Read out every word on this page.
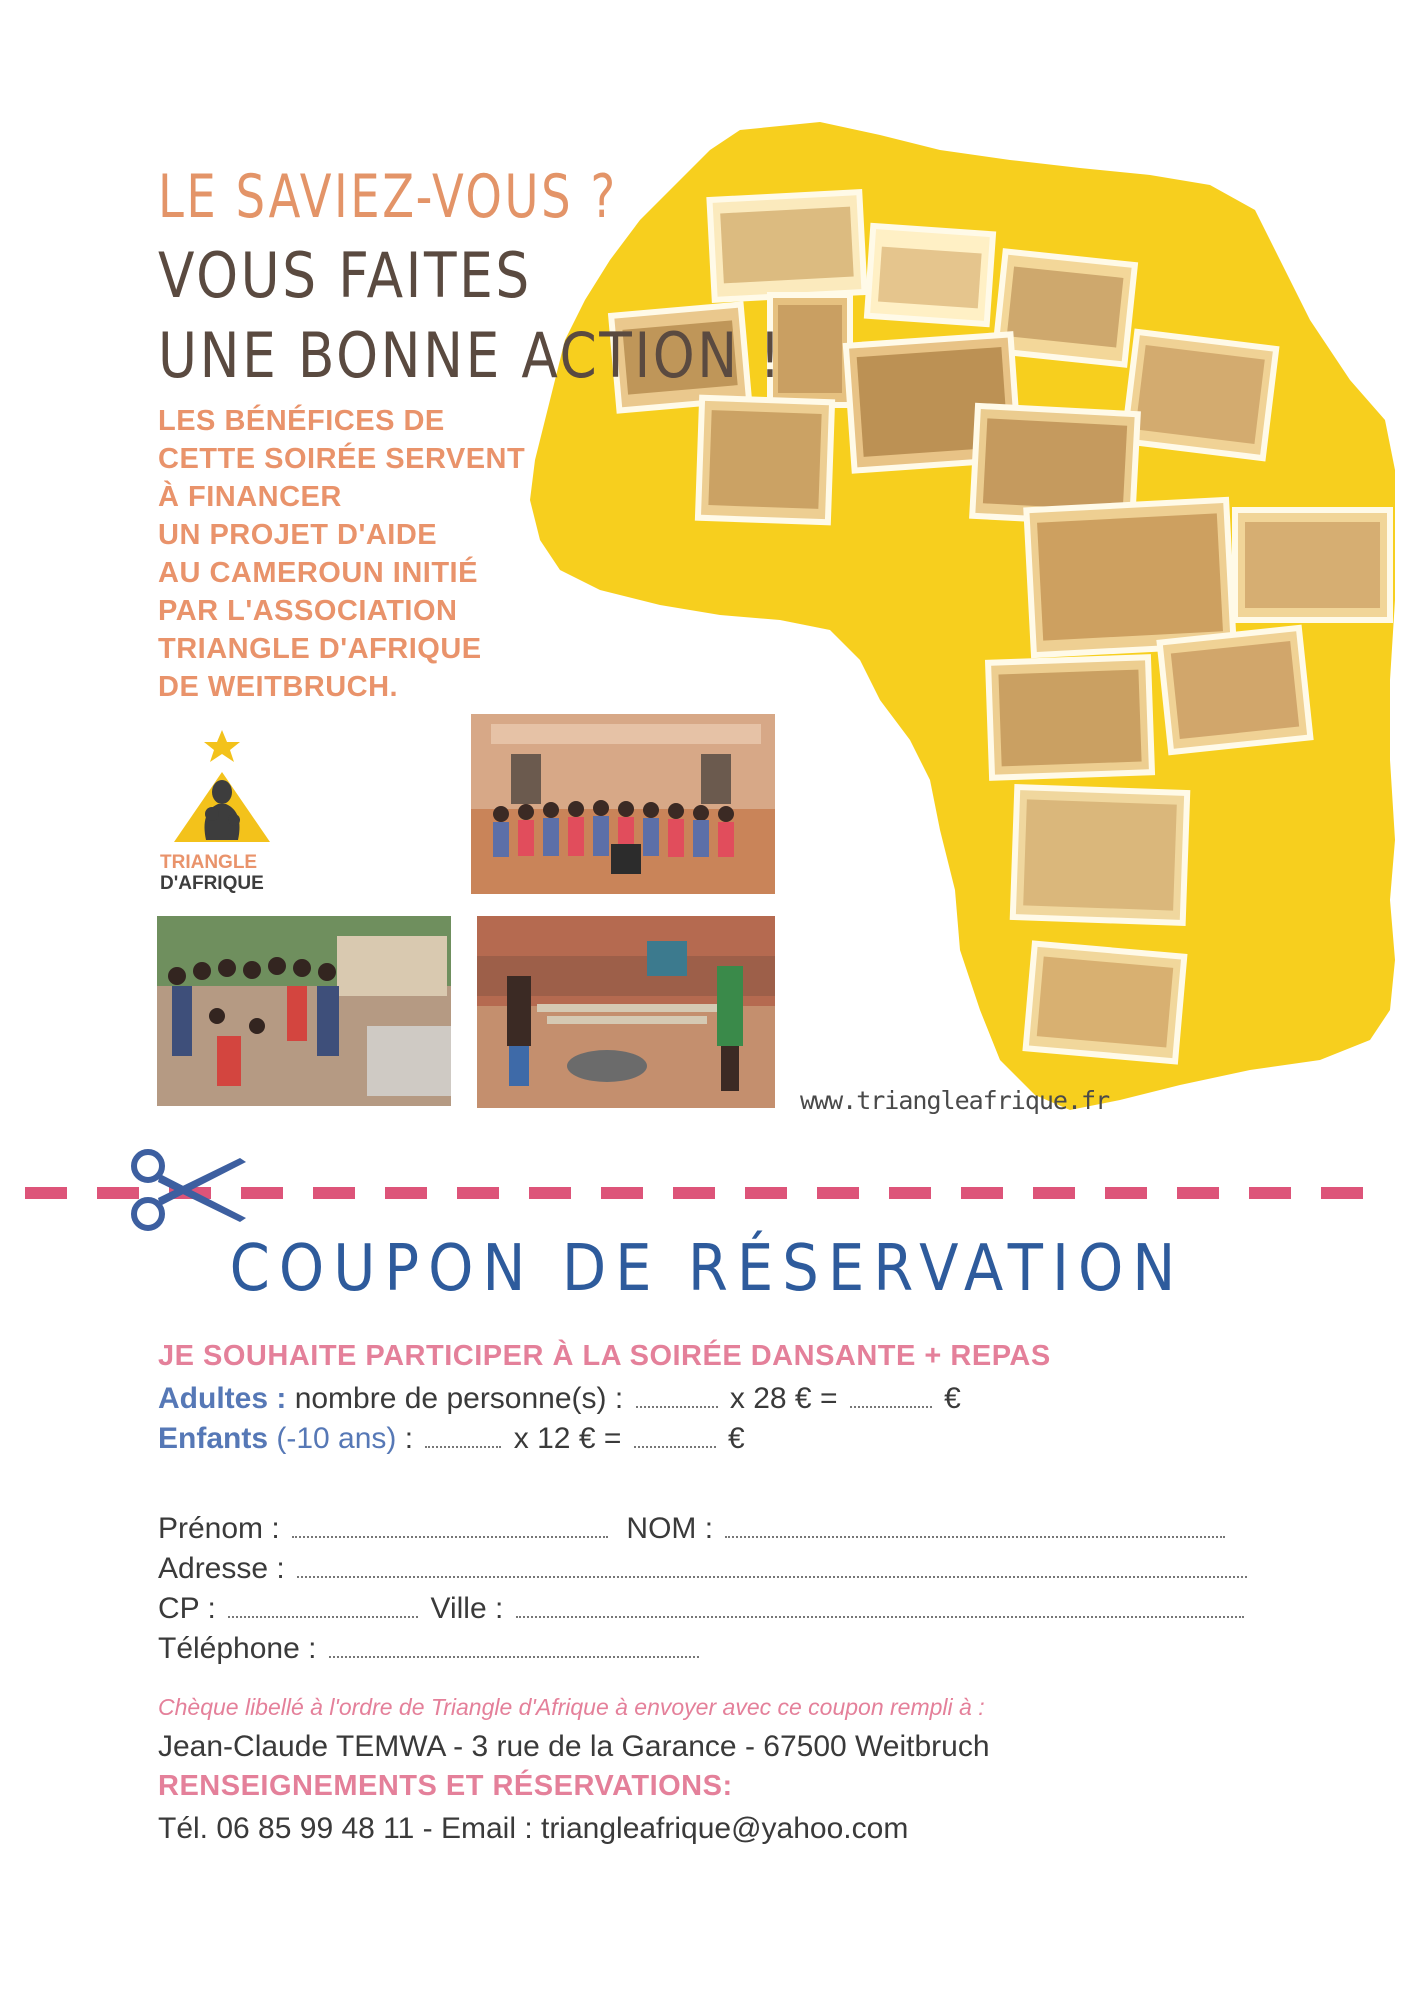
LE SAVIEZ-VOUS ?
VOUS FAITES
UNE BONNE ACTION !
LES BÉNÉFICES DE
CETTE SOIRÉE SERVENT
À FINANCER
UN PROJET D'AIDE
AU CAMEROUN INITIÉ
PAR L'ASSOCIATION
TRIANGLE D'AFRIQUE
DE WEITBRUCH.
TRIANGLE
D'AFRIQUE
www.triangleafrique.fr
COUPON DE RÉSERVATION
JE SOUHAITE PARTICIPER À LA SOIRÉE DANSANTE + REPAS
Adultes : nombre de personne(s) :	x 28 € =	€
Enfants (-10 ans) :	x 12 € =	€
Prénom :	NOM :
Adresse :
CP :	Ville :
Téléphone :
Chèque libellé à l'ordre de Triangle d'Afrique à envoyer avec ce coupon rempli à :
Jean-Claude TEMWA - 3 rue de la Garance - 67500 Weitbruch
RENSEIGNEMENTS ET RÉSERVATIONS:
Tél. 06 85 99 48 11 - Email : triangleafrique@yahoo.com
